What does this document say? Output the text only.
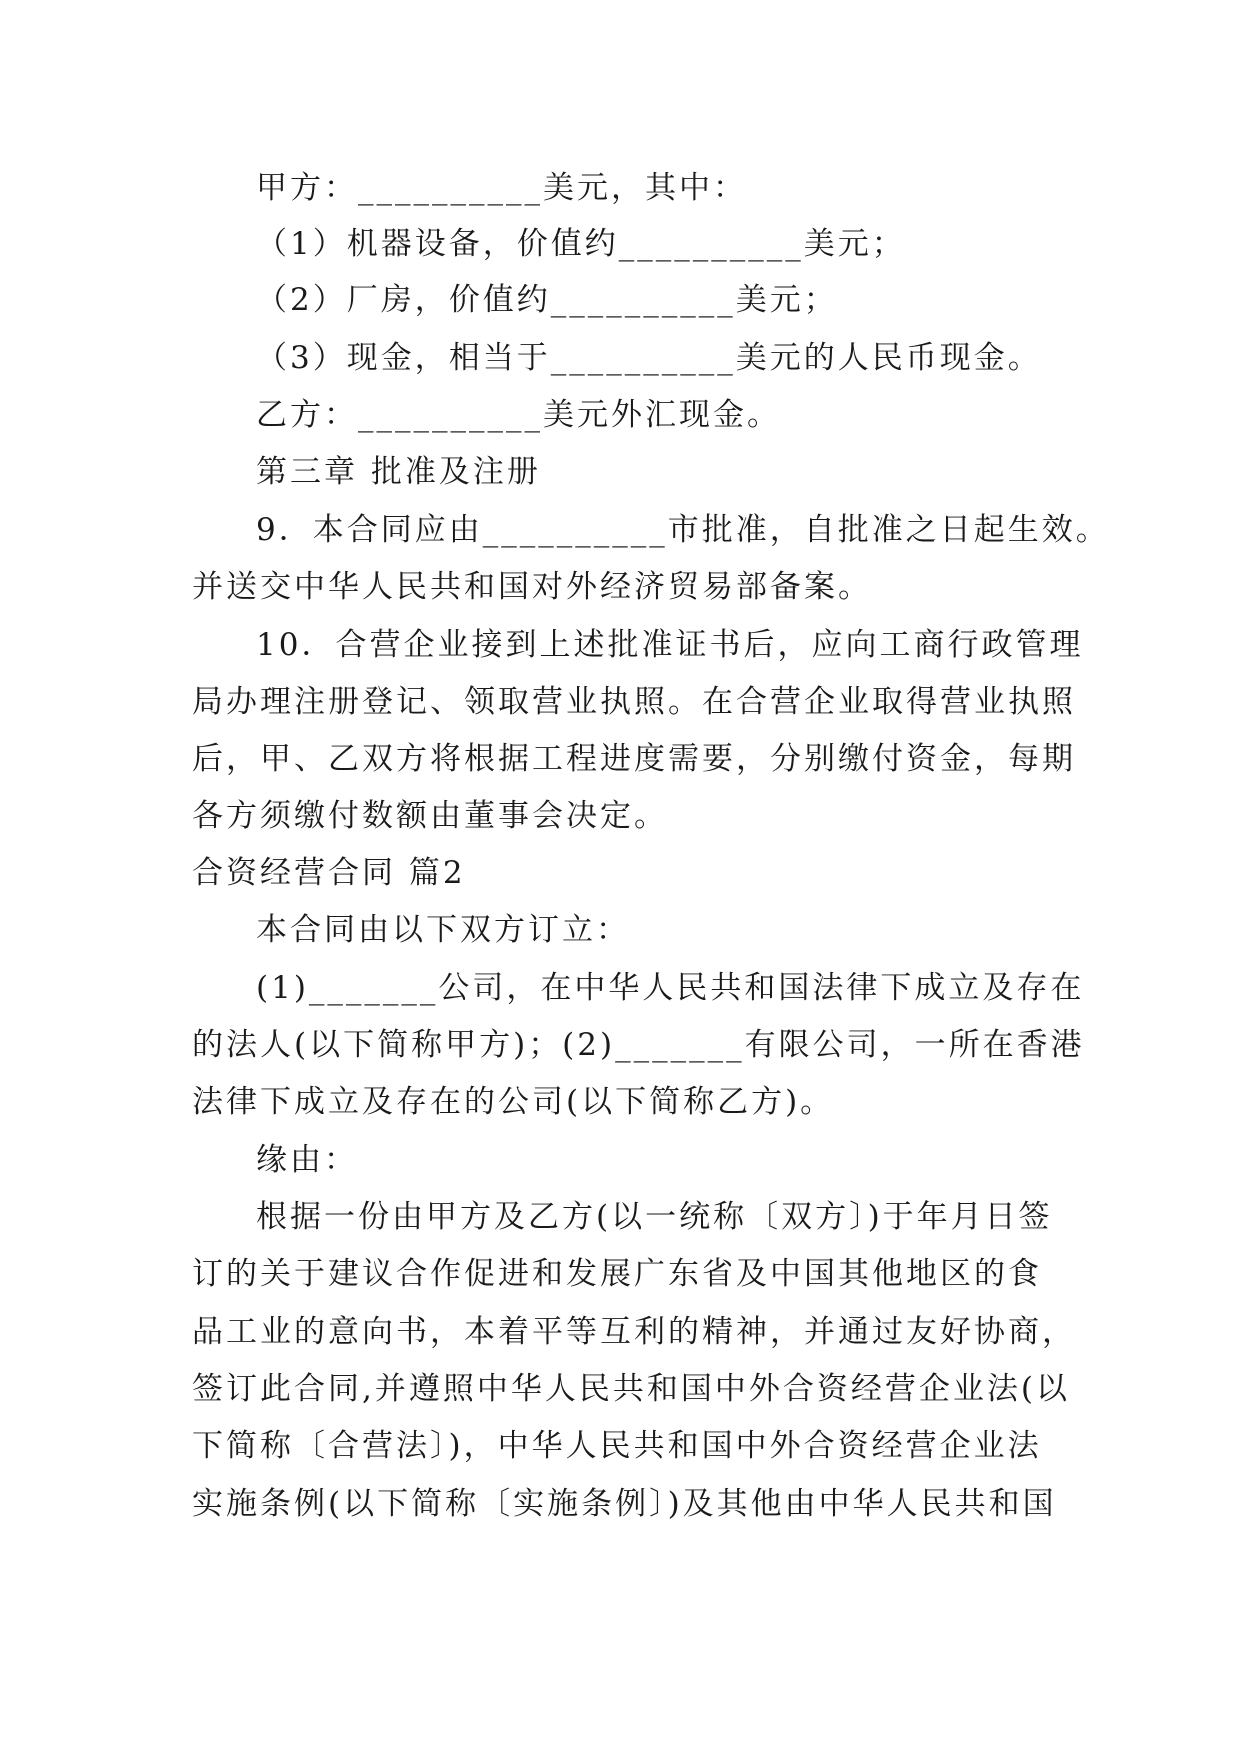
甲方：__________美元，其中：

（1）机器设备，价值约__________美元；

（2）厂房，价值约__________美元；

（3）现金，相当于__________美元的人民币现金。

乙方：__________美元外汇现金。

第三章 批准及注册

9．本合同应由__________市批准，自批准之日起生效。

并送交中华人民共和国对外经济贸易部备案。

10．合营企业接到上述批准证书后，应向工商行政管理

局办理注册登记、领取营业执照。在合营企业取得营业执照

后，甲、乙双方将根据工程进度需要，分别缴付资金，每期

各方须缴付数额由董事会决定。

合资经营合同 篇2

本合同由以下双方订立：

(1)_______公司，在中华人民共和国法律下成立及存在

的法人(以下简称甲方)；(2)_______有限公司，一所在香港

法律下成立及存在的公司(以下简称乙方)。

缘由：

根据一份由甲方及乙方(以一统称〔双方〕)于年月日签

订的关于建议合作促进和发展广东省及中国其他地区的食

品工业的意向书，本着平等互利的精神，并通过友好协商，

签订此合同,并遵照中华人民共和国中外合资经营企业法(以

下简称〔合营法〕)，中华人民共和国中外合资经营企业法

实施条例(以下简称〔实施条例〕)及其他由中华人民共和国
